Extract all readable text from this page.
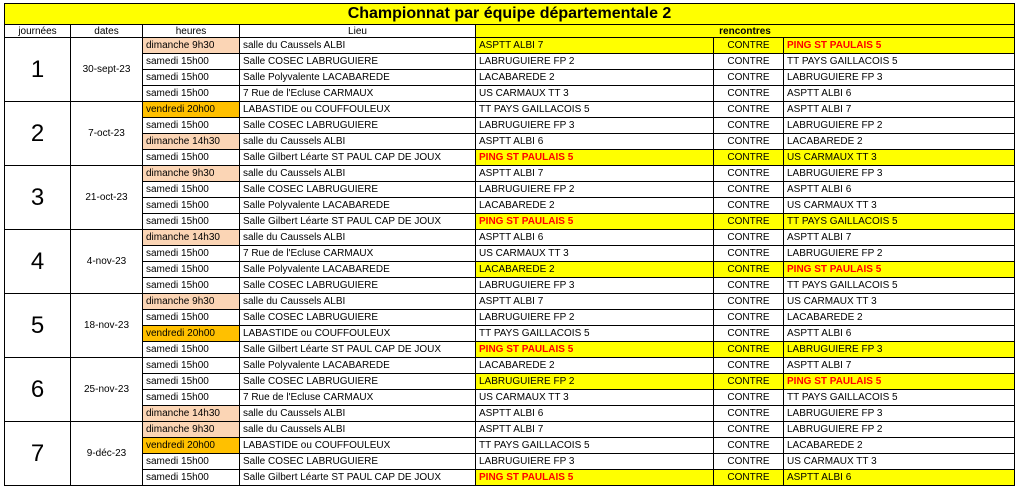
Championnat par équipe départementale 2						
journées	dates	heures	Lieu	rencontres		
1	30-sept-23	dimanche 9h30	salle du Caussels ALBI	ASPTT ALBI 7	CONTRE	PING ST PAULAIS 5
		samedi 15h00	Salle COSEC LABRUGUIERE	LABRUGUIERE FP 2	CONTRE	TT PAYS GAILLACOIS 5
		samedi 15h00	Salle Polyvalente LACABAREDE	LACABAREDE 2	CONTRE	LABRUGUIERE FP 3
		samedi 15h00	7 Rue de l'Ecluse CARMAUX	US CARMAUX TT 3	CONTRE	ASPTT ALBI 6
2	7-oct-23	vendredi 20h00	LABASTIDE ou COUFFOULEUX	TT PAYS GAILLACOIS 5	CONTRE	ASPTT ALBI 7
		samedi 15h00	Salle COSEC LABRUGUIERE	LABRUGUIERE FP 3	CONTRE	LABRUGUIERE FP 2
		dimanche 14h30	salle du Caussels ALBI	ASPTT ALBI 6	CONTRE	LACABAREDE 2
		samedi 15h00	Salle Gilbert Léarte ST PAUL CAP DE JOUX	PING ST PAULAIS 5	CONTRE	US CARMAUX TT 3
3	21-oct-23	dimanche 9h30	salle du Caussels ALBI	ASPTT ALBI 7	CONTRE	LABRUGUIERE FP 3
		samedi 15h00	Salle COSEC LABRUGUIERE	LABRUGUIERE FP 2	CONTRE	ASPTT ALBI 6
		samedi 15h00	Salle Polyvalente LACABAREDE	LACABAREDE 2	CONTRE	US CARMAUX TT 3
		samedi 15h00	Salle Gilbert Léarte ST PAUL CAP DE JOUX	PING ST PAULAIS 5	CONTRE	TT PAYS GAILLACOIS 5
4	4-nov-23	dimanche 14h30	salle du Caussels ALBI	ASPTT ALBI 6	CONTRE	ASPTT ALBI 7
		samedi 15h00	7 Rue de l'Ecluse CARMAUX	US CARMAUX TT 3	CONTRE	LABRUGUIERE FP 2
		samedi 15h00	Salle Polyvalente LACABAREDE	LACABAREDE 2	CONTRE	PING ST PAULAIS 5
		samedi 15h00	Salle COSEC LABRUGUIERE	LABRUGUIERE FP 3	CONTRE	TT PAYS GAILLACOIS 5
5	18-nov-23	dimanche 9h30	salle du Caussels ALBI	ASPTT ALBI 7	CONTRE	US CARMAUX TT 3
		samedi 15h00	Salle COSEC LABRUGUIERE	LABRUGUIERE FP 2	CONTRE	LACABAREDE 2
		vendredi 20h00	LABASTIDE ou COUFFOULEUX	TT PAYS GAILLACOIS 5	CONTRE	ASPTT ALBI 6
		samedi 15h00	Salle Gilbert Léarte ST PAUL CAP DE JOUX	PING ST PAULAIS 5	CONTRE	LABRUGUIERE FP 3
6	25-nov-23	samedi 15h00	Salle Polyvalente LACABAREDE	LACABAREDE 2	CONTRE	ASPTT ALBI 7
		samedi 15h00	Salle COSEC LABRUGUIERE	LABRUGUIERE FP 2	CONTRE	PING ST PAULAIS 5
		samedi 15h00	7 Rue de l'Ecluse CARMAUX	US CARMAUX TT 3	CONTRE	TT PAYS GAILLACOIS 5
		dimanche 14h30	salle du Caussels ALBI	ASPTT ALBI 6	CONTRE	LABRUGUIERE FP 3
7	9-déc-23	dimanche 9h30	salle du Caussels ALBI	ASPTT ALBI 7	CONTRE	LABRUGUIERE FP 2
		vendredi 20h00	LABASTIDE ou COUFFOULEUX	TT PAYS GAILLACOIS 5	CONTRE	LACABAREDE 2
		samedi 15h00	Salle COSEC LABRUGUIERE	LABRUGUIERE FP 3	CONTRE	US CARMAUX TT 3
		samedi 15h00	Salle Gilbert Léarte ST PAUL CAP DE JOUX	PING ST PAULAIS 5	CONTRE	ASPTT ALBI 6
